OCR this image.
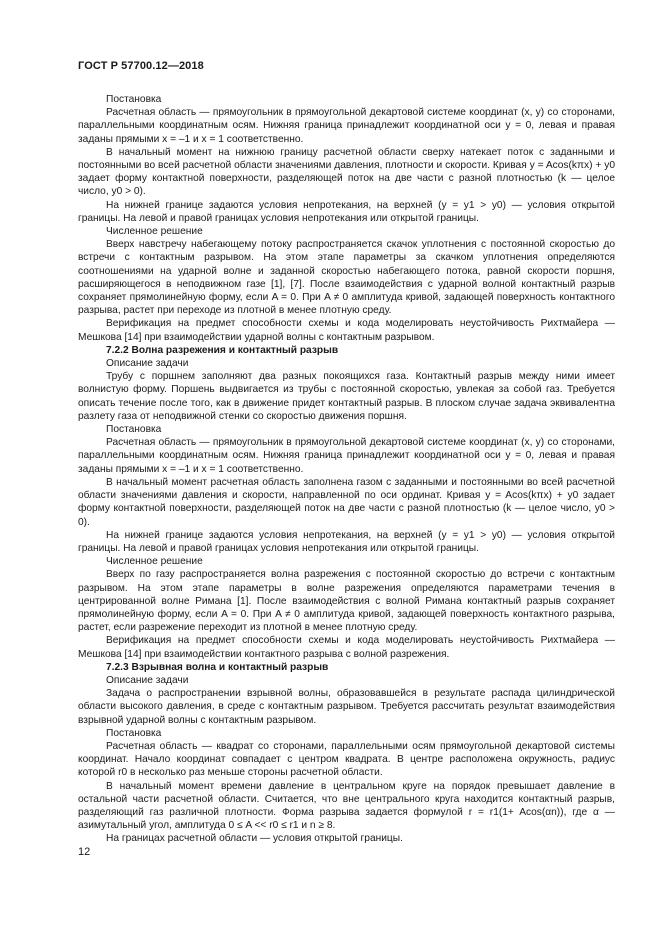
ГОСТ Р 57700.12—2018

Постановка

Расчетная область — прямоугольник в прямоугольной декартовой системе координат (x, y) со сторонами, параллельными координатным осям. Нижняя граница принадлежит координатной оси y = 0, левая и правая заданы прямыми x = –1 и x = 1 соответственно.

В начальный момент на нижнюю границу расчетной области сверху натекает поток с заданными и постоянными во всей расчетной области значениями давления, плотности и скорости. Кривая y = Acos(kπx) + y0 задает форму контактной поверхности, разделяющей поток на две части с разной плотностью (k — целое число, y0 > 0).

На нижней границе задаются условия непротекания, на верхней (y = y1 > y0) — условия открытой границы. На левой и правой границах условия непротекания или открытой границы.

Численное решение

Вверх навстречу набегающему потоку распространяется скачок уплотнения с постоянной скоростью до встречи с контактным разрывом. На этом этапе параметры за скачком уплотнения определяются соотношениями на ударной волне и заданной скоростью набегающего потока, равной скорости поршня, расширяющегося в неподвижном газе [1], [7]. После взаимодействия с ударной волной контактный разрыв сохраняет прямолинейную форму, если A = 0. При A ≠ 0 амплитуда кривой, задающей поверхность контактного разрыва, растет при переходе из плотной в менее плотную среду.

Верификация на предмет способности схемы и кода моделировать неустойчивость Рихтмайера — Мешкова [14] при взаимодействии ударной волны с контактным разрывом.

7.2.2 Волна разрежения и контактный разрыв

Описание задачи

Трубу с поршнем заполняют два разных покоящихся газа. Контактный разрыв между ними имеет волнистую форму. Поршень выдвигается из трубы с постоянной скоростью, увлекая за собой газ. Требуется описать течение после того, как в движение придет контактный разрыв. В плоском случае задача эквивалентна разлету газа от неподвижной стенки со скоростью движения поршня.

Постановка

Расчетная область — прямоугольник в прямоугольной декартовой системе координат (x, y) со сторонами, параллельными координатным осям. Нижняя граница принадлежит координатной оси y = 0, левая и правая заданы прямыми x = –1 и x = 1 соответственно.

В начальный момент расчетная область заполнена газом с заданными и постоянными во всей расчетной области значениями давления и скорости, направленной по оси ординат. Кривая y = Acos(kπx) + y0 задает форму контактной поверхности, разделяющей поток на две части с разной плотностью (k — целое число, y0 > 0).

На нижней границе задаются условия непротекания, на верхней (y = y1 > y0) — условия открытой границы. На левой и правой границах условия непротекания или открытой границы.

Численное решение

Вверх по газу распространяется волна разрежения с постоянной скоростью до встречи с контактным разрывом. На этом этапе параметры в волне разрежения определяются параметрами течения в центрированной волне Римана [1]. После взаимодействия с волной Римана контактный разрыв сохраняет прямолинейную форму, если A = 0. При A ≠ 0 амплитуда кривой, задающей поверхность контактного разрыва, растет, если разрежение переходит из плотной в менее плотную среду.

Верификация на предмет способности схемы и кода моделировать неустойчивость Рихтмайера — Мешкова [14] при взаимодействии контактного разрыва с волной разрежения.

7.2.3 Взрывная волна и контактный разрыв

Описание задачи

Задача о распространении взрывной волны, образовавшейся в результате распада цилиндрической области высокого давления, в среде с контактным разрывом. Требуется рассчитать результат взаимодействия взрывной ударной волны с контактным разрывом.

Постановка

Расчетная область — квадрат со сторонами, параллельными осям прямоугольной декартовой системы координат. Начало координат совпадает с центром квадрата. В центре расположена окружность, радиус которой r0 в несколько раз меньше стороны расчетной области.

В начальный момент времени давление в центральном круге на порядок превышает давление в остальной части расчетной области. Считается, что вне центрального круга находится контактный разрыв, разделяющий газ различной плотности. Форма разрыва задается формулой r = r1(1+ Acos(αn)), где α — азимутальный угол, амплитуда 0 ≤ A << r0 ≤ r1 и n ≥ 8.

На границах расчетной области — условия открытой границы.

12
